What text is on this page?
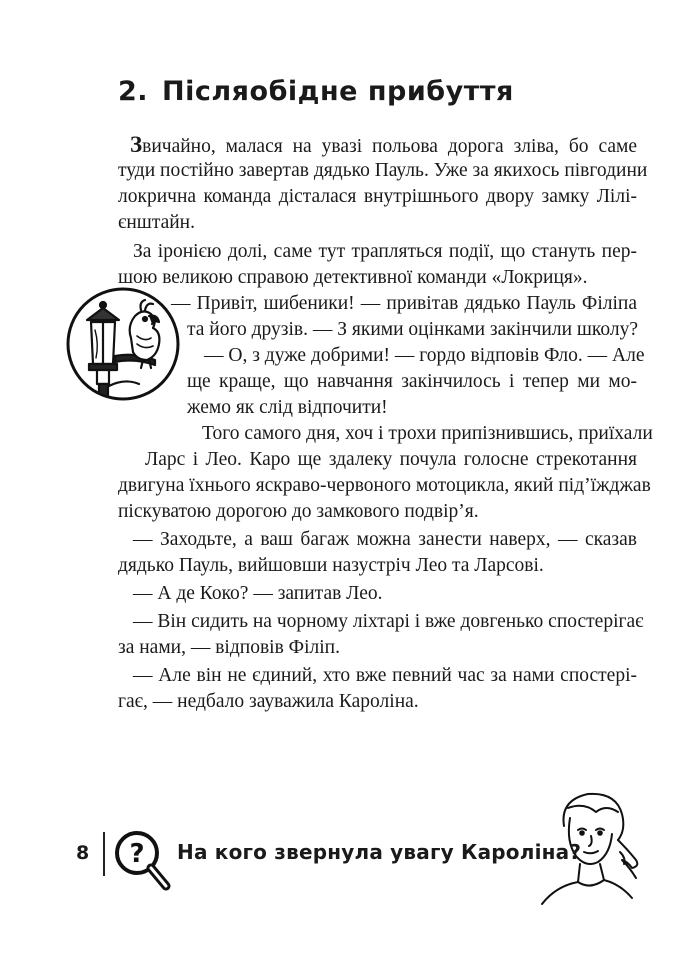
2. Післяобідне прибуття

Звичайно, малася на увазі польова дорога зліва, бо саме

туди постійно завертав дядько Пауль. Уже за якихось півгодини

локрична команда дісталася внутрішнього двору замку Лілі-

єнштайн.

За іронією долі, саме тут трапляться події, що стануть пер-

шою великою справою детективної команди «Локриця».

— Привіт, шибеники! — привітав дядько Пауль Філіпа

та його друзів. — З якими оцінками закінчили школу?

— О, з дуже добрими! — гордо відповів Фло. — Але

ще краще, що навчання закінчилось і тепер ми мо-

жемо як слід відпочити!

Того самого дня, хоч і трохи припізнившись, приїхали

Ларс і Лео. Каро ще здалеку почула голосне стрекотання

двигуна їхнього яскраво-червоного мотоцикла, який під’їжджав

піскуватою дорогою до замкового подвір’я.

— Заходьте, а ваш багаж можна занести наверх, — сказав

дядько Пауль, вийшовши назустріч Лео та Ларсові.

— А де Коко? — запитав Лео.

— Він сидить на чорному ліхтарі і вже довгенько спостерігає

за нами, — відповів Філіп.

— Але він не єдиний, хто вже певний час за нами спостері-

гає, — недбало зауважила Кароліна.

8 ? На кого звернула увагу Кароліна?
